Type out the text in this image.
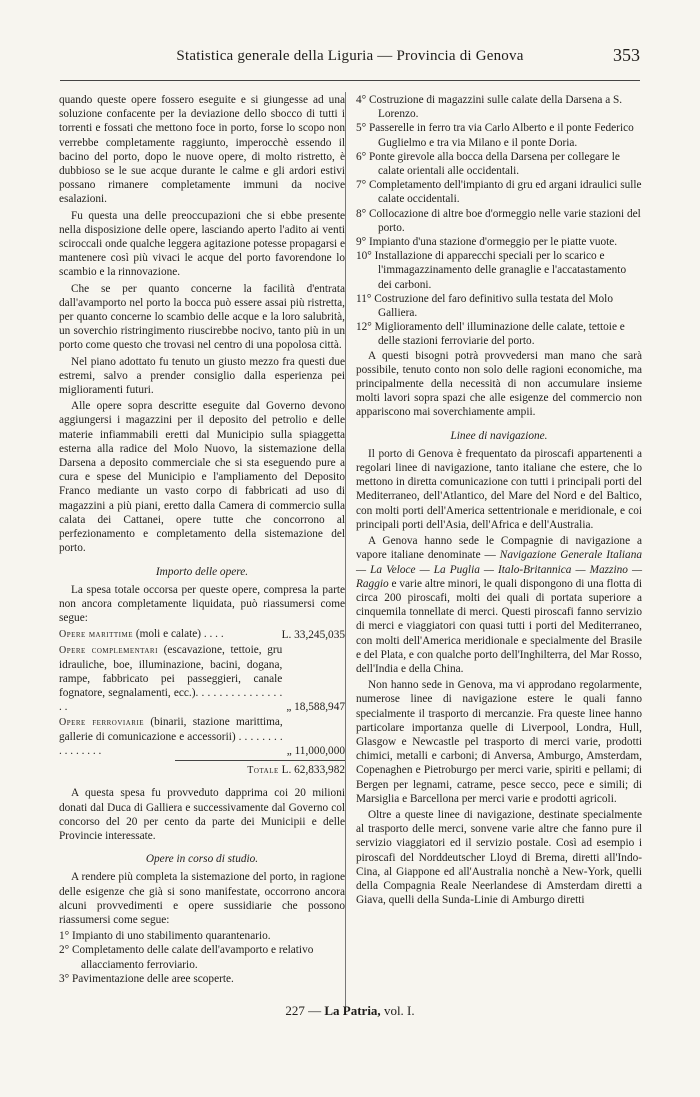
Statistica generale della Liguria — Provincia di Genova	353

quando queste opere fossero eseguite e si giungesse ad una soluzione confacente per la deviazione dello sbocco di tutti i torrenti e fossati che mettono foce in porto, forse lo scopo non verrebbe completamente raggiunto, imperocchè essendo il bacino del porto, dopo le nuove opere, di molto ristretto, è dubbioso se le sue acque durante le calme e gli ardori estivi possano rimanere completamente immuni da nocive esalazioni.

Fu questa una delle preoccupazioni che si ebbe presente nella disposizione delle opere, lasciando aperto l'adito ai venti sciroccali onde qualche leggera agitazione potesse propagarsi e mantenere così più vivaci le acque del porto favorendone lo scambio e la rinnovazione.

Che se per quanto concerne la facilità d'entrata dall'avamporto nel porto la bocca può essere assai più ristretta, per quanto concerne lo scambio delle acque e la loro salubrità, un soverchio ristringimento riuscirebbe nocivo, tanto più in un porto come questo che trovasi nel centro di una popolosa città.

Nel piano adottato fu tenuto un giusto mezzo fra questi due estremi, salvo a prender consiglio dalla esperienza pei miglioramenti futuri.

Alle opere sopra descritte eseguite dal Governo devono aggiungersi i magazzini per il deposito del petrolio e delle materie infiammabili eretti dal Municipio sulla spiaggetta esterna alla radice del Molo Nuovo, la sistemazione della Darsena a deposito commerciale che si sta eseguendo pure a cura e spese del Municipio e l'ampliamento del Deposito Franco mediante un vasto corpo di fabbricati ad uso di magazzini a più piani, eretto dalla Camera di commercio sulla calata dei Cattanei, opere tutte che concorrono al perfezionamento e completamento della sistemazione del porto.

Importo delle opere.

La spesa totale occorsa per queste opere, compresa la parte non ancora completamente liquidata, può riassumersi come segue:

Opere marittime (moli e calate) . . . .	L. 33,245,035
Opere complementari (escavazione, tettoie, gru idrauliche, boe, illuminazione, bacini, dogana, rampe, fabbricato pei passeggieri, canale fognatore, segnalamenti, ecc.). . . . . . . . . . . . . . . . .	„ 18,588,947
Opere ferroviarie (binarii, stazione marittima, gallerie di comunicazione e accessorii) . . . . . . . . . . . . . . . .	„ 11,000,000
Totale L. 62,833,982

A questa spesa fu provveduto dapprima coi 20 milioni donati dal Duca di Galliera e successivamente dal Governo col concorso del 20 per cento da parte dei Municipii e delle Provincie interessate.

Opere in corso di studio.

A rendere più completa la sistemazione del porto, in ragione delle esigenze che già si sono manifestate, occorrono ancora alcuni provvedimenti e opere sussidiarie che possono riassumersi come segue:

1° Impianto di uno stabilimento quarantenario.
2° Completamento delle calate dell'avamporto e relativo allacciamento ferroviario.
3° Pavimentazione delle aree scoperte.
4° Costruzione di magazzini sulle calate della Darsena a S. Lorenzo.
5° Passerelle in ferro tra via Carlo Alberto e il ponte Federico Guglielmo e tra via Milano e il ponte Doria.
6° Ponte girevole alla bocca della Darsena per collegare le calate orientali alle occidentali.
7° Completamento dell'impianto di gru ed argani idraulici sulle calate occidentali.
8° Collocazione di altre boe d'ormeggio nelle varie stazioni del porto.
9° Impianto d'una stazione d'ormeggio per le piatte vuote.
10° Installazione di apparecchi speciali per lo scarico e l'immagazzinamento delle granaglie e l'accatastamento dei carboni.
11° Costruzione del faro definitivo sulla testata del Molo Galliera.
12° Miglioramento dell' illuminazione delle calate, tettoie e delle stazioni ferroviarie del porto.

A questi bisogni potrà provvedersi man mano che sarà possibile, tenuto conto non solo delle ragioni economiche, ma principalmente della necessità di non accumulare insieme molti lavori sopra spazi che alle esigenze del commercio non appariscono mai soverchiamente ampii.

Linee di navigazione.

Il porto di Genova è frequentato da piroscafi appartenenti a regolari linee di navigazione, tanto italiane che estere, che lo mettono in diretta comunicazione con tutti i principali porti del Mediterraneo, dell'Atlantico, del Mare del Nord e del Baltico, con molti porti dell'America settentrionale e meridionale, e coi principali porti dell'Asia, dell'Africa e dell'Australia.

A Genova hanno sede le Compagnie di navigazione a vapore italiane denominate — Navigazione Generale Italiana — La Veloce — La Puglia — Italo-Britannica — Mazzino — Raggio e varie altre minori, le quali dispongono di una flotta di circa 200 piroscafi, molti dei quali di portata superiore a cinquemila tonnellate di merci. Questi piroscafi fanno servizio di merci e viaggiatori con quasi tutti i porti del Mediterraneo, con molti dell'America meridionale e specialmente del Brasile e del Plata, e con qualche porto dell'Inghilterra, del Mar Rosso, dell'India e della China.

Non hanno sede in Genova, ma vi approdano regolarmente, numerose linee di navigazione estere le quali fanno specialmente il trasporto di mercanzie. Fra queste linee hanno particolare importanza quelle di Liverpool, Londra, Hull, Glasgow e Newcastle pel trasporto di merci varie, prodotti chimici, metalli e carboni; di Anversa, Amburgo, Amsterdam, Copenaghen e Pietroburgo per merci varie, spiriti e pellami; di Bergen per legnami, catrame, pesce secco, pece e simili; di Marsiglia e Barcellona per merci varie e prodotti agricoli.

Oltre a queste linee di navigazione, destinate specialmente al trasporto delle merci, sonvene varie altre che fanno pure il servizio viaggiatori ed il servizio postale. Così ad esempio i piroscafi del Norddeutscher Lloyd di Brema, diretti all'Indo-Cina, al Giappone ed all'Australia nonchè a New-York, quelli della Compagnia Reale Neerlandese di Amsterdam diretti a Giava, quelli della Sunda-Linie di Amburgo diretti

227 — La Patria, vol. I.
